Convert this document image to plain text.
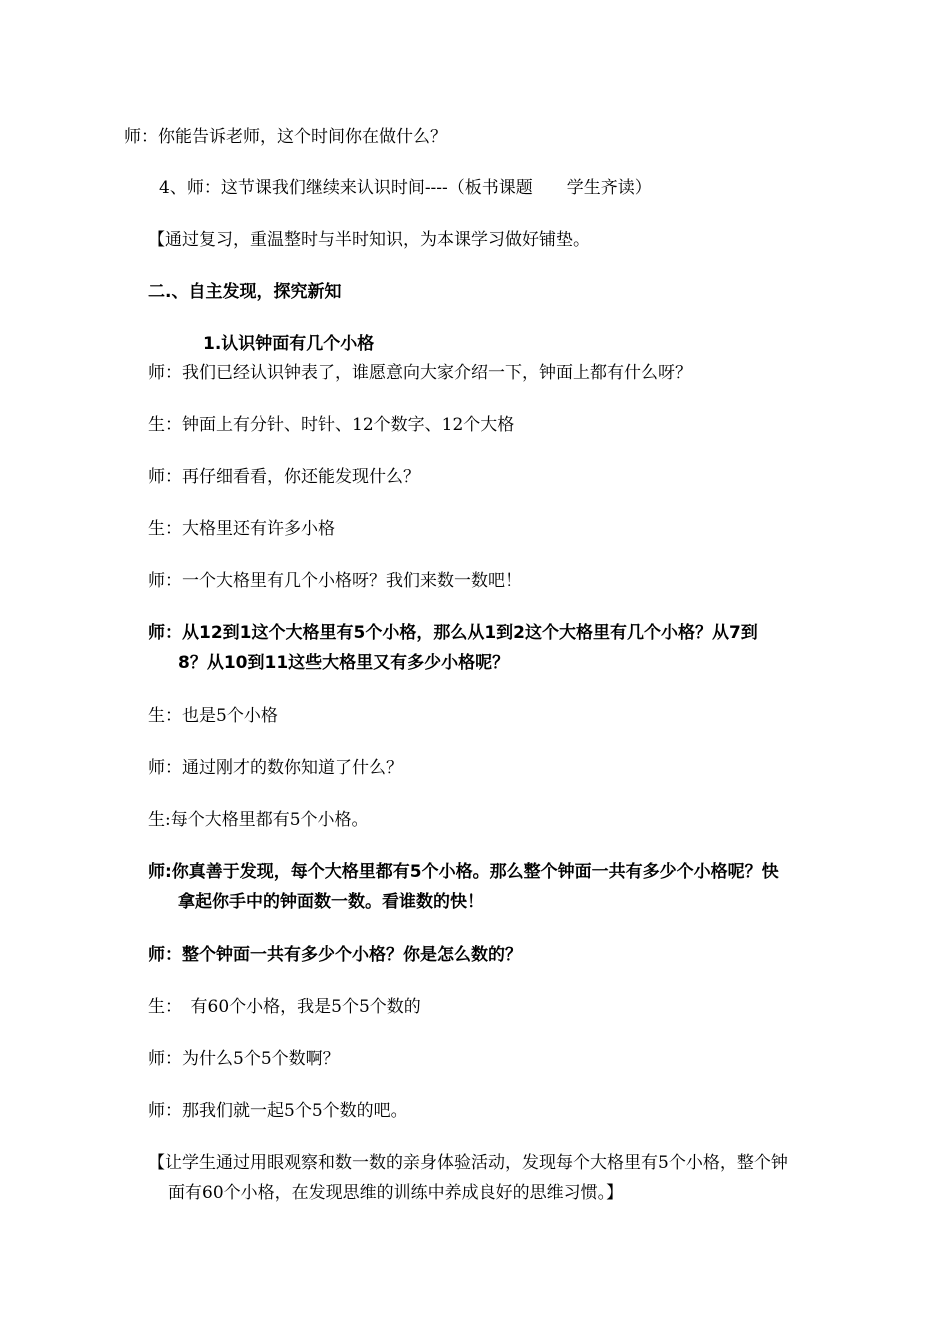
师：你能告诉老师，这个时间你在做什么？
4、师：这节课我们继续来认识时间----（板书课题　　学生齐读）
【通过复习，重温整时与半时知识，为本课学习做好铺垫。
二.、自主发现，探究新知
1.认识钟面有几个小格
师：我们已经认识钟表了，谁愿意向大家介绍一下，钟面上都有什么呀？
生：钟面上有分针、时针、12个数字、12个大格
师：再仔细看看，你还能发现什么？
生：大格里还有许多小格
师：一个大格里有几个小格呀？我们来数一数吧！
师：从12到1这个大格里有5个小格，那么从1到2这个大格里有几个小格？从7到
8？从10到11这些大格里又有多少小格呢？
生：也是5个小格
师：通过刚才的数你知道了什么？
生:每个大格里都有5个小格。
师:你真善于发现，每个大格里都有5个小格。那么整个钟面一共有多少个小格呢？快
拿起你手中的钟面数一数。看谁数的快！
师：整个钟面一共有多少个小格？你是怎么数的？
生：　有60个小格，我是5个5个数的
师：为什么5个5个数啊？
师：那我们就一起5个5个数的吧。
【让学生通过用眼观察和数一数的亲身体验活动，发现每个大格里有5个小格，整个钟
面有60个小格，在发现思维的训练中养成良好的思维习惯。】
